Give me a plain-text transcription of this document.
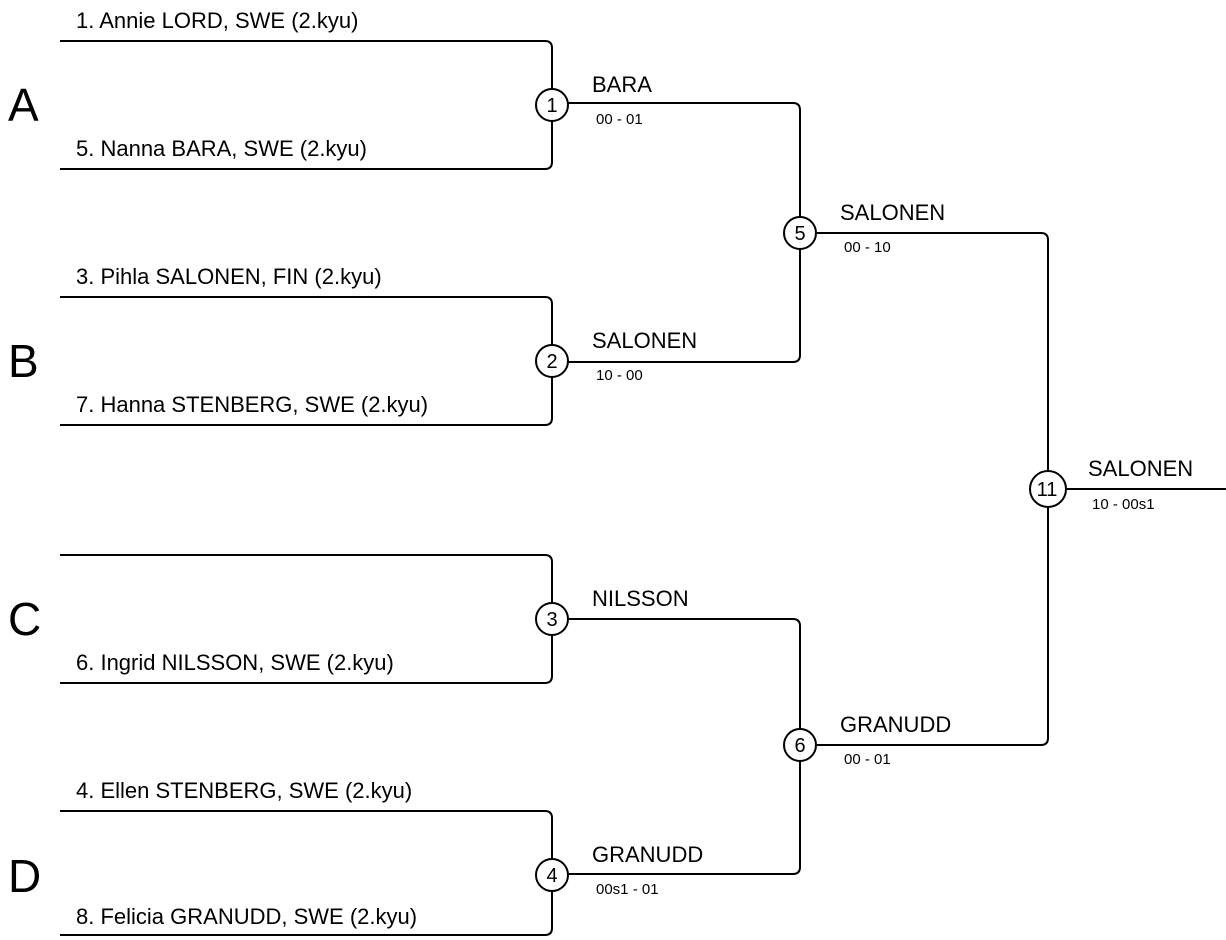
1
2
3
4
5
6
11
A
B
C
D
1. Annie LORD, SWE (2.kyu)
5. Nanna BARA, SWE (2.kyu)
3. Pihla SALONEN, FIN (2.kyu)
7. Hanna STENBERG, SWE (2.kyu)
6. Ingrid NILSSON, SWE (2.kyu)
4. Ellen STENBERG, SWE (2.kyu)
8. Felicia GRANUDD, SWE (2.kyu)
BARA
SALONEN
NILSSON
GRANUDD
SALONEN
GRANUDD
SALONEN
00 - 01
10 - 00
00s1 - 01
00 - 10
00 - 01
10 - 00s1
